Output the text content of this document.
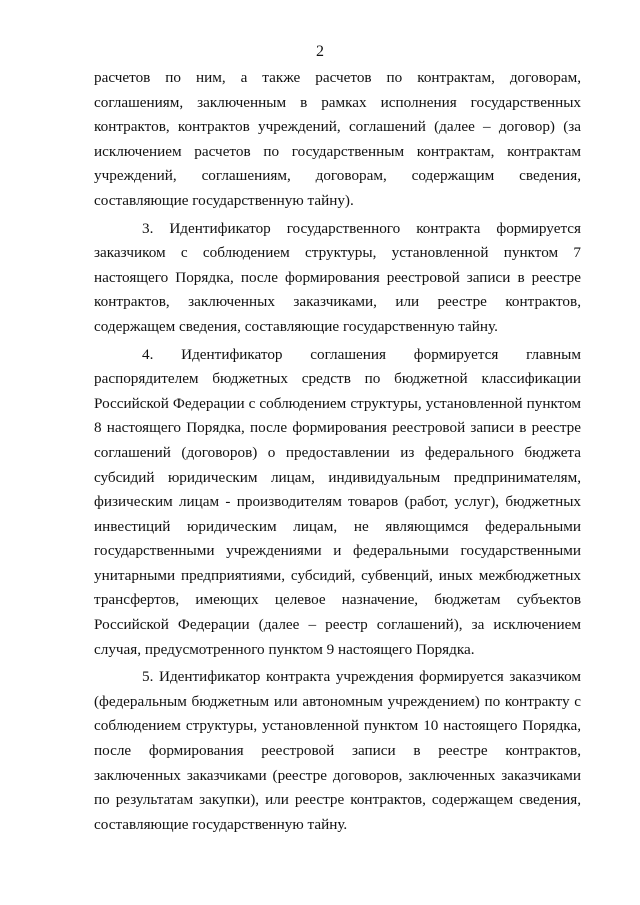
2

расчетов по ним, а также расчетов по контрактам, договорам, соглашениям, заключенным в рамках исполнения государственных контрактов, контрактов учреждений, соглашений (далее – договор) (за исключением расчетов по государственным контрактам, контрактам учреждений, соглашениям, договорам, содержащим сведения, составляющие государственную тайну).

3. Идентификатор государственного контракта формируется заказчиком с соблюдением структуры, установленной пунктом 7 настоящего Порядка, после формирования реестровой записи в реестре контрактов, заключенных заказчиками, или реестре контрактов, содержащем сведения, составляющие государственную тайну.

4. Идентификатор соглашения формируется главным распорядителем бюджетных средств по бюджетной классификации Российской Федерации с соблюдением структуры, установленной пунктом 8 настоящего Порядка, после формирования реестровой записи в реестре соглашений (договоров) о предоставлении из федерального бюджета субсидий юридическим лицам, индивидуальным предпринимателям, физическим лицам - производителям товаров (работ, услуг), бюджетных инвестиций юридическим лицам, не являющимся федеральными государственными учреждениями и федеральными государственными унитарными предприятиями, субсидий, субвенций, иных межбюджетных трансфертов, имеющих целевое назначение, бюджетам субъектов Российской Федерации (далее – реестр соглашений), за исключением случая, предусмотренного пунктом 9 настоящего Порядка.

5. Идентификатор контракта учреждения формируется заказчиком (федеральным бюджетным или автономным учреждением) по контракту с соблюдением структуры, установленной пунктом 10 настоящего Порядка, после формирования реестровой записи в реестре контрактов, заключенных заказчиками (реестре договоров, заключенных заказчиками по результатам закупки), или реестре контрактов, содержащем сведения, составляющие государственную тайну.
